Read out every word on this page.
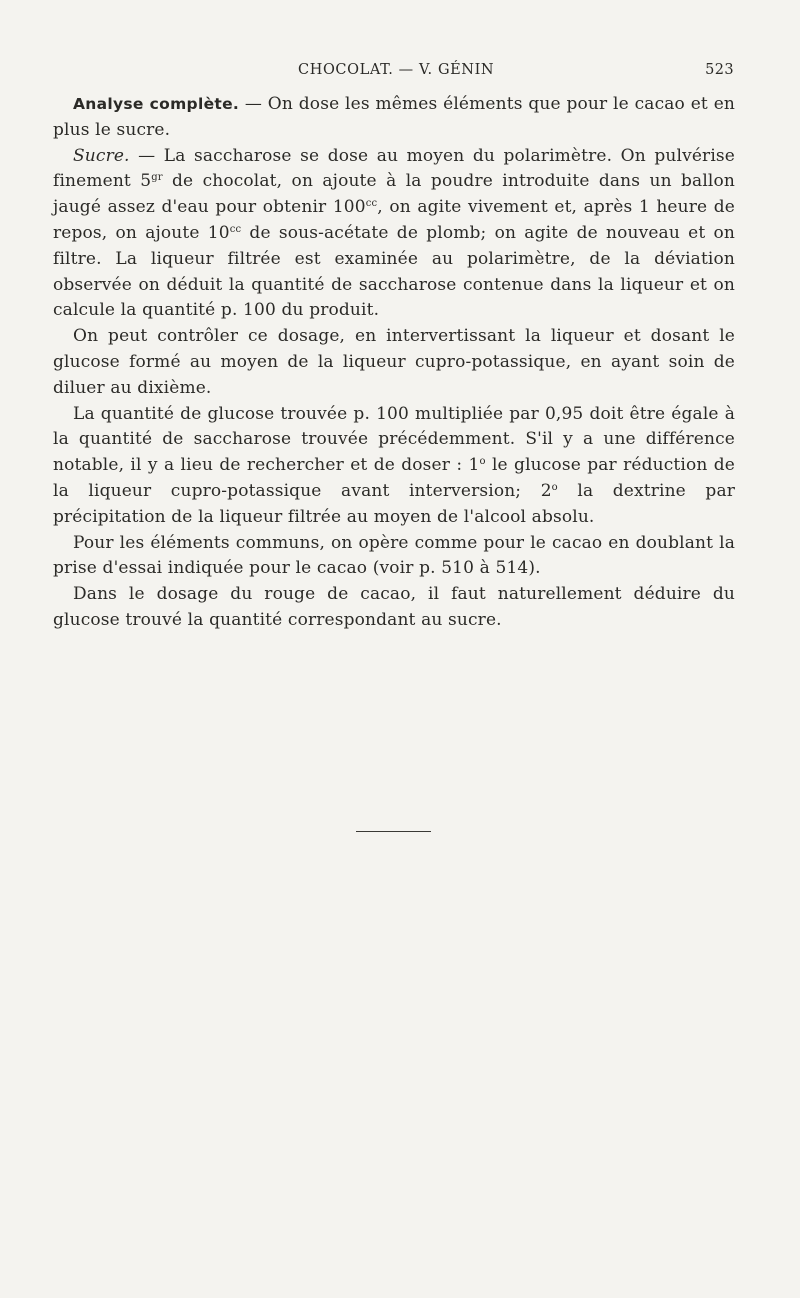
CHOCOLAT. — V. GÉNIN	523

Analyse complète. — On dose les mêmes éléments que pour le cacao et en plus le sucre.

Sucre. — La saccharose se dose au moyen du polarimètre. On pulvérise finement $5^{gr}$ de chocolat, on ajoute à la poudre introduite dans un ballon jaugé assez d'eau pour obtenir $100^{cc}$, on agite vivement et, après 1 heure de repos, on ajoute $10^{cc}$ de sous-acétate de plomb; on agite de nouveau et on filtre. La liqueur filtrée est examinée au polarimètre, de la déviation observée on déduit la quantité de saccharose contenue dans la liqueur et on calcule la quantité p. 100 du produit.

On peut contrôler ce dosage, en intervertissant la liqueur et dosant le glucose formé au moyen de la liqueur cupro-potassique, en ayant soin de diluer au dixième.

La quantité de glucose trouvée p. 100 multipliée par 0,95 doit être égale à la quantité de saccharose trouvée précédemment. S'il y a une différence notable, il y a lieu de rechercher et de doser : 1$^o$ le glucose par réduction de la liqueur cupro-potassique avant interversion; 2$^o$ la dextrine par précipitation de la liqueur filtrée au moyen de l'alcool absolu.

Pour les éléments communs, on opère comme pour le cacao en doublant la prise d'essai indiquée pour le cacao (voir p. 510 à 514).

Dans le dosage du rouge de cacao, il faut naturellement déduire du glucose trouvé la quantité correspondant au sucre.
